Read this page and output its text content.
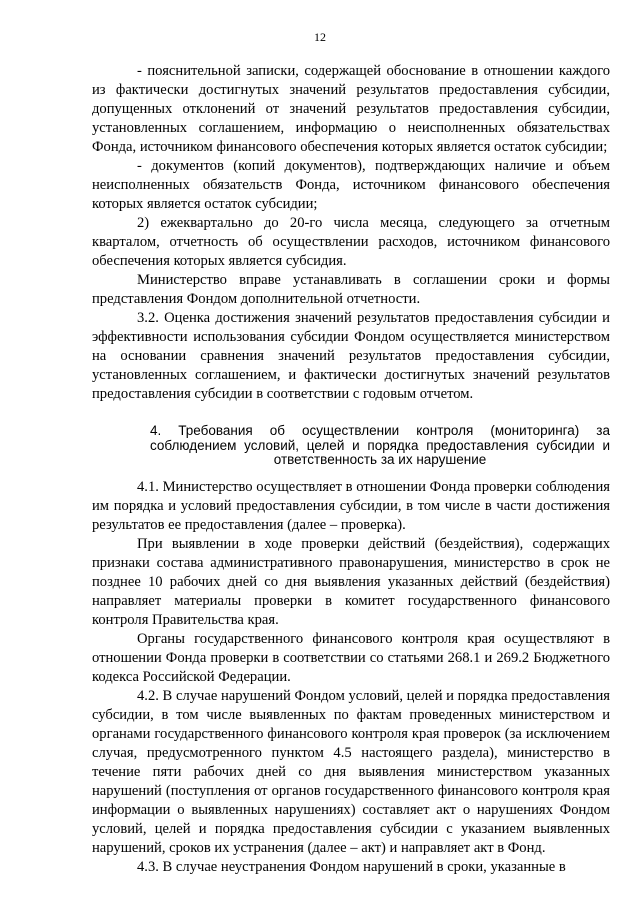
12

- пояснительной записки, содержащей обоснование в отношении каждого из фактически достигнутых значений результатов предоставления субсидии, допущенных отклонений от значений результатов предоставления субсидии, установленных соглашением, информацию о неисполненных обязательствах Фонда, источником финансового обеспечения которых является остаток субсидии;

- документов (копий документов), подтверждающих наличие и объем неисполненных обязательств Фонда, источником финансового обеспечения которых является остаток субсидии;

2) ежеквартально до 20-го числа месяца, следующего за отчетным кварталом, отчетность об осуществлении расходов, источником финансового обеспечения которых является субсидия.

Министерство вправе устанавливать в соглашении сроки и формы представления Фондом дополнительной отчетности.

3.2. Оценка достижения значений результатов предоставления субсидии и эффективности использования субсидии Фондом осуществляется министерством на основании сравнения значений результатов предоставления субсидии, установленных соглашением, и фактически достигнутых значений результатов предоставления субсидии в соответствии с годовым отчетом.

4. Требования об осуществлении контроля (мониторинга) за соблюдением условий, целей и порядка предоставления субсидии и ответственность за их нарушение

4.1. Министерство осуществляет в отношении Фонда проверки соблюдения им порядка и условий предоставления субсидии, в том числе в части достижения результатов ее предоставления (далее – проверка).

При выявлении в ходе проверки действий (бездействия), содержащих признаки состава административного правонарушения, министерство в срок не позднее 10 рабочих дней со дня выявления указанных действий (бездействия) направляет материалы проверки в комитет государственного финансового контроля Правительства края.

Органы государственного финансового контроля края осуществляют в отношении Фонда проверки в соответствии со статьями 268.1 и 269.2 Бюджетного кодекса Российской Федерации.

4.2. В случае нарушений Фондом условий, целей и порядка предоставления субсидии, в том числе выявленных по фактам проведенных министерством и органами государственного финансового контроля края проверок (за исключением случая, предусмотренного пунктом 4.5 настоящего раздела), министерство в течение пяти рабочих дней со дня выявления министерством указанных нарушений (поступления от органов государственного финансового контроля края информации о выявленных нарушениях) составляет акт о нарушениях Фондом условий, целей и порядка предоставления субсидии с указанием выявленных нарушений, сроков их устранения (далее – акт) и направляет акт в Фонд.

4.3. В случае неустранения Фондом нарушений в сроки, указанные в
